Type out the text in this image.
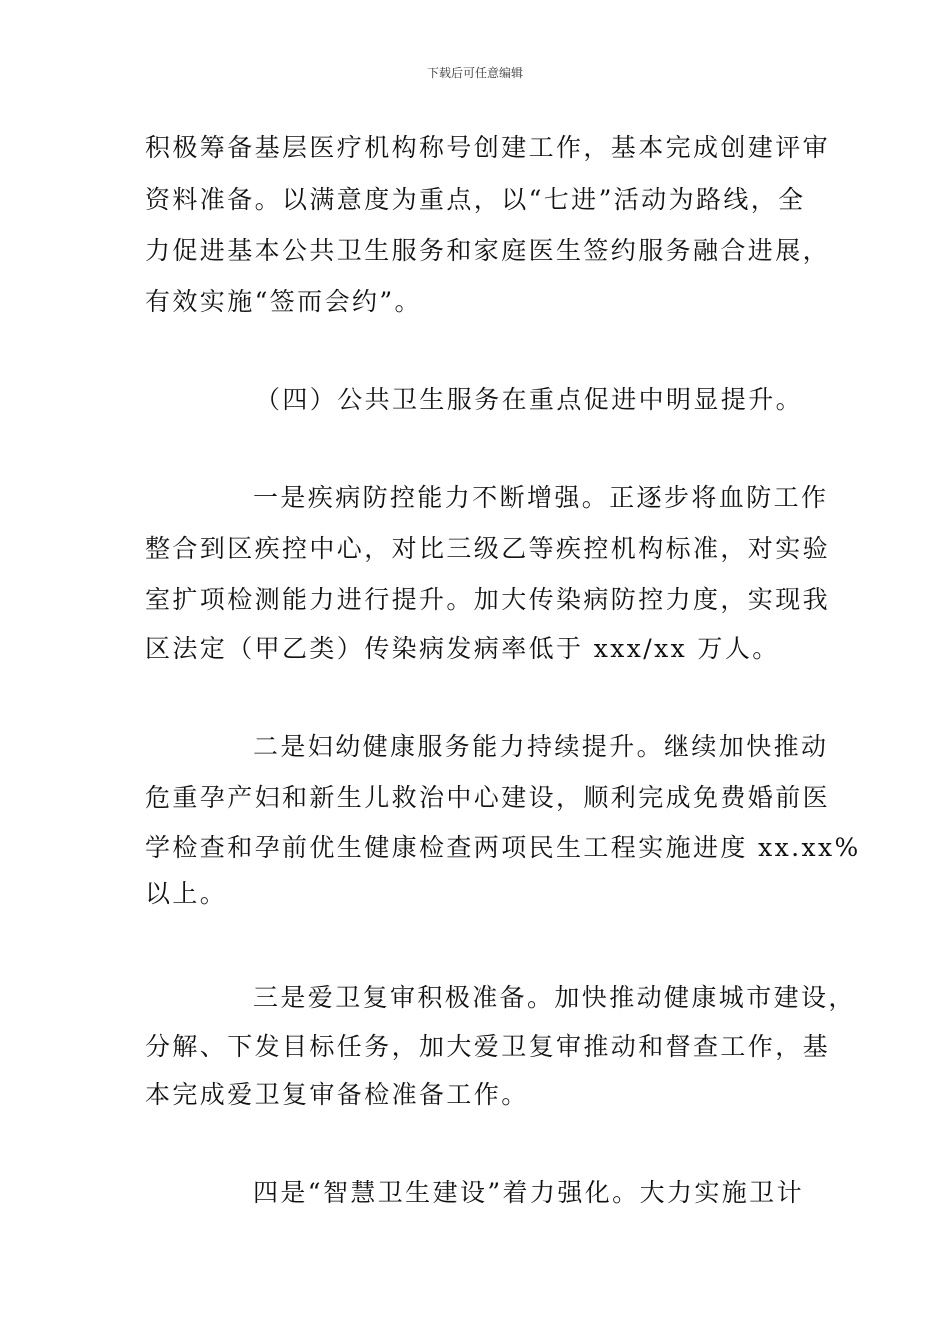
下载后可任意编辑
积极筹备基层医疗机构称号创建工作，基本完成创建评审
资料准备。以满意度为重点，以“七进”活动为路线，全
力促进基本公共卫生服务和家庭医生签约服务融合进展，
有效实施“签而会约”。
（四）公共卫生服务在重点促进中明显提升。
一是疾病防控能力不断增强。正逐步将血防工作
整合到区疾控中心，对比三级乙等疾控机构标准，对实验
室扩项检测能力进行提升。加大传染病防控力度，实现我
区法定（甲乙类）传染病发病率低于 xxx/xx 万人。
二是妇幼健康服务能力持续提升。继续加快推动
危重孕产妇和新生儿救治中心建设，顺利完成免费婚前医
学检查和孕前优生健康检查两项民生工程实施进度 xx.xx%
以上。
三是爱卫复审积极准备。加快推动健康城市建设，
分解、下发目标任务，加大爱卫复审推动和督查工作，基
本完成爱卫复审备检准备工作。
四是“智慧卫生建设”着力强化。大力实施卫计
